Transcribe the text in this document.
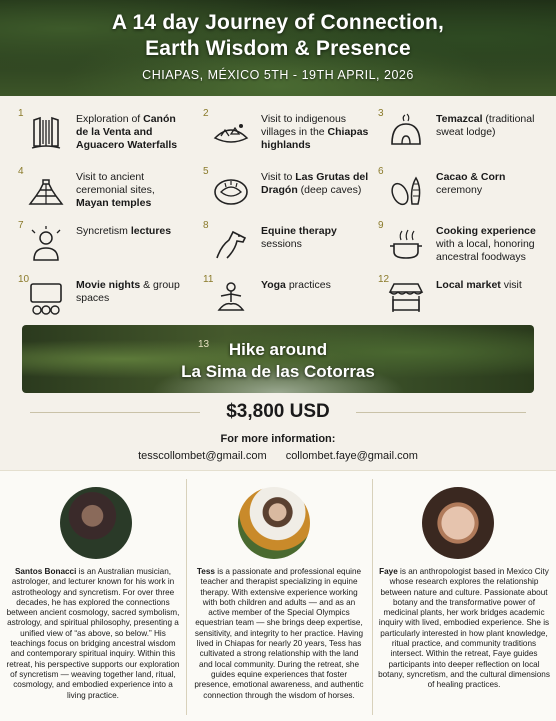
A 14 day Journey of Connection,
Earth Wisdom & Presence
CHIAPAS, MÉXICO 5TH - 19TH APRIL, 2026
1	Exploration of Canón de la Venta and Aguacero Waterfalls
2	Visit to indigenous villages in the Chiapas highlands
3	Temazcal (traditional sweat lodge)
4	Visit to ancient ceremonial sites, Mayan temples
5	Visit to Las Grutas del Dragón (deep caves)
6	Cacao & Corn ceremony
7	Syncretism lectures	8	Equine therapy sessions
9	Cooking experience with a local, honoring ancestral foodways
10	Movie nights & group spaces
11	Yoga practices	12	Local market visit
13	Hike around
La Sima de las Cotorras
$3,800 USD
For more information:
tesscollombet@gmail.com collombet.faye@gmail.com
Santos Bonacci is an Australian musician, astrologer, and lecturer known for his work in astrotheology and syncretism. For over three decades, he has explored the connections between ancient cosmology, sacred symbolism, astrology, and spiritual philosophy, presenting a unified view of “as above, so below.” His teachings focus on bridging ancestral wisdom and contemporary spiritual inquiry. Within this retreat, his perspective supports our exploration of syncretism — weaving together land, ritual, cosmology, and embodied experience into a living practice.
Tess is a passionate and professional equine teacher and therapist specializing in equine therapy. With extensive experience working with both children and adults — and as an active member of the Special Olympics equestrian team — she brings deep expertise, sensitivity, and integrity to her practice. Having lived in Chiapas for nearly 20 years, Tess has cultivated a strong relationship with the land and local community. During the retreat, she guides equine experiences that foster presence, emotional awareness, and authentic connection through the wisdom of horses.
Faye is an anthropologist based in Mexico City whose research explores the relationship between nature and culture. Passionate about botany and the transformative power of medicinal plants, her work bridges academic inquiry with lived, embodied experience. She is particularly interested in how plant knowledge, ritual practice, and community traditions intersect. Within the retreat, Faye guides participants into deeper reflection on local botany, syncretism, and the cultural dimensions of healing practices.
